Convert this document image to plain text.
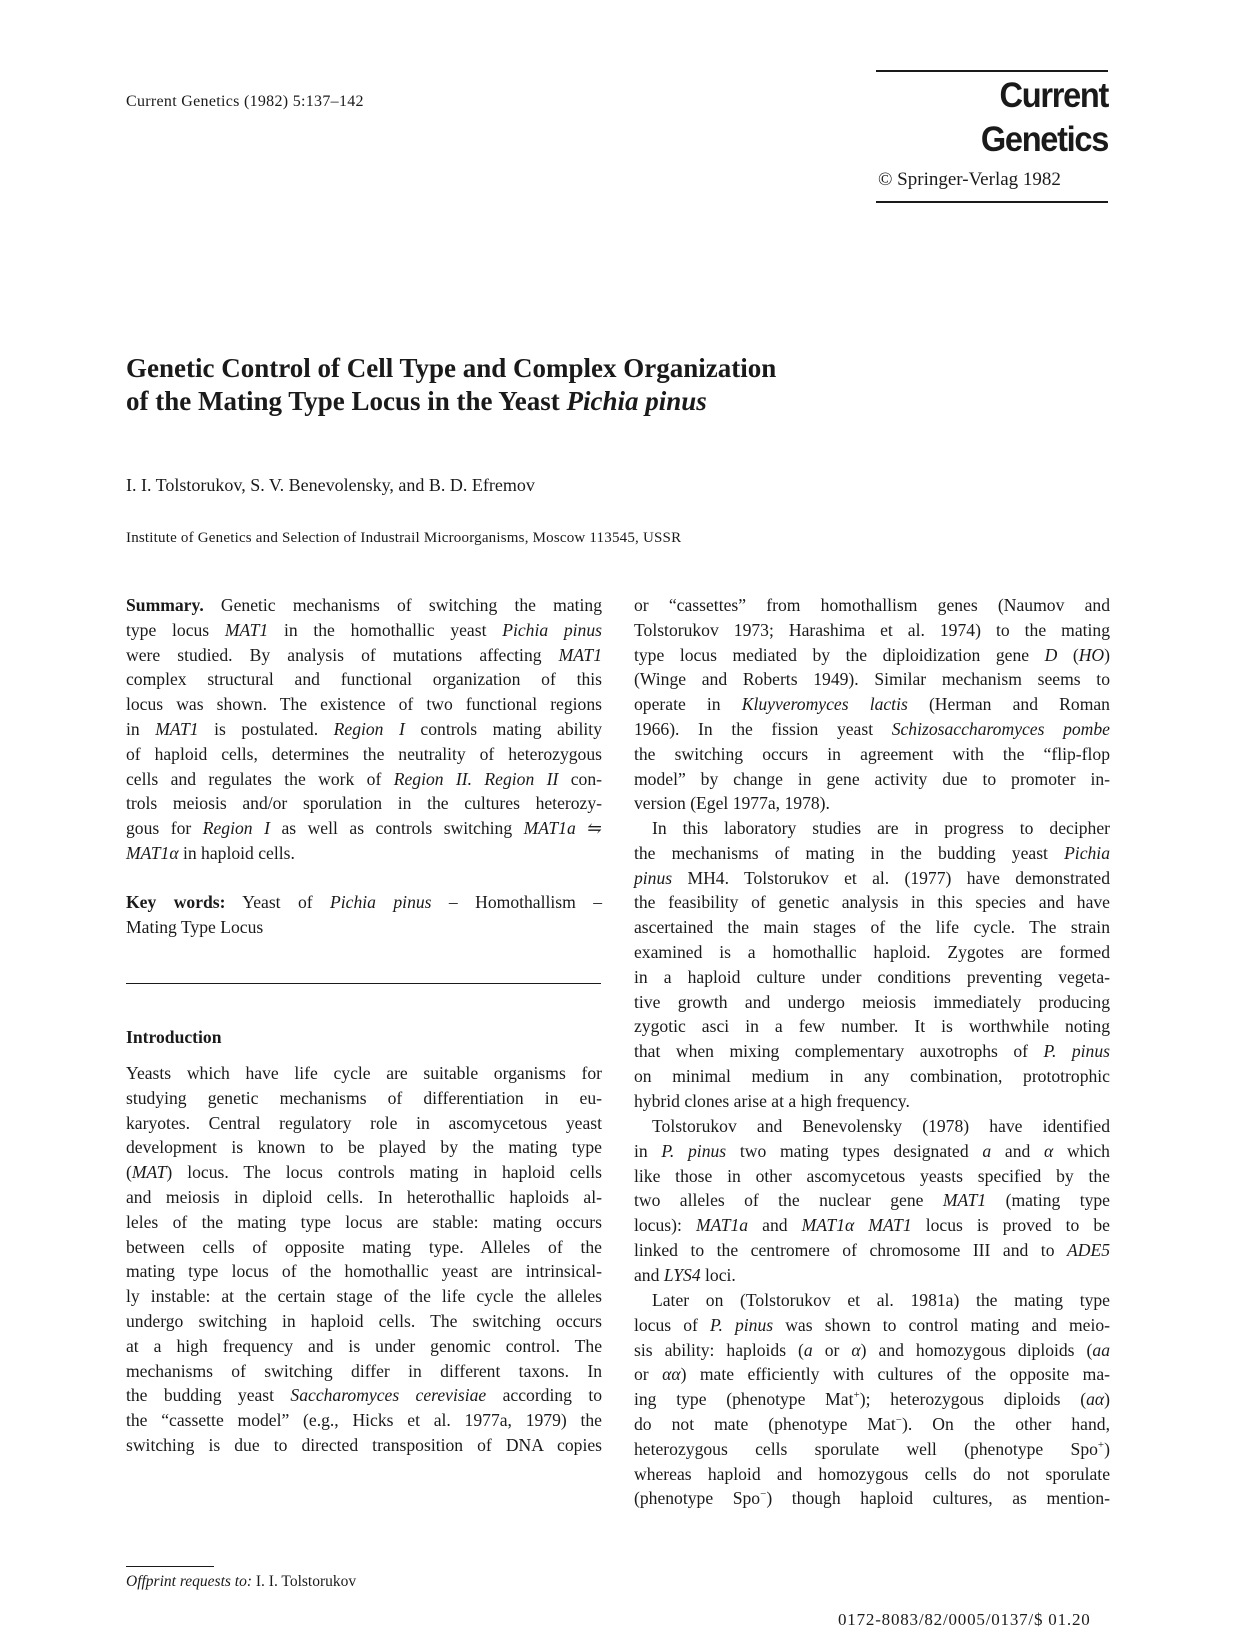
Current Genetics (1982) 5:137–142	Current Genetics
© Springer-Verlag 1982
Genetic Control of Cell Type and Complex Organization
of the Mating Type Locus in the Yeast Pichia pinus
I. I. Tolstorukov, S. V. Benevolensky, and B. D. Efremov
Institute of Genetics and Selection of Industrail Microorganisms, Moscow 113545, USSR
Summary. Genetic mechanisms of switching the mating
type locus MAT1 in the homothallic yeast Pichia pinus
were studied. By analysis of mutations affecting MAT1
complex structural and functional organization of this
locus was shown. The existence of two functional regions
in MAT1 is postulated. Region I controls mating ability
of haploid cells, determines the neutrality of heterozygous
cells and regulates the work of Region II. Region II con-
trols meiosis and/or sporulation in the cultures heterozy-
gous for Region I as well as controls switching MAT1a ⇋
MAT1α in haploid cells.
Key words: Yeast of Pichia pinus – Homothallism –
Mating Type Locus
Introduction
Yeasts which have life cycle are suitable organisms for
studying genetic mechanisms of differentiation in eu-
karyotes. Central regulatory role in ascomycetous yeast
development is known to be played by the mating type
(MAT) locus. The locus controls mating in haploid cells
and meiosis in diploid cells. In heterothallic haploids al-
leles of the mating type locus are stable: mating occurs
between cells of opposite mating type. Alleles of the
mating type locus of the homothallic yeast are intrinsical-
ly instable: at the certain stage of the life cycle the alleles
undergo switching in haploid cells. The switching occurs
at a high frequency and is under genomic control. The
mechanisms of switching differ in different taxons. In
the budding yeast Saccharomyces cerevisiae according to
the “cassette model” (e.g., Hicks et al. 1977a, 1979) the
switching is due to directed transposition of DNA copies
or “cassettes” from homothallism genes (Naumov and
Tolstorukov 1973; Harashima et al. 1974) to the mating
type locus mediated by the diploidization gene D (HO)
(Winge and Roberts 1949). Similar mechanism seems to
operate in Kluyveromyces lactis (Herman and Roman
1966). In the fission yeast Schizosaccharomyces pombe
the switching occurs in agreement with the “flip-flop
model” by change in gene activity due to promoter in-
version (Egel 1977a, 1978).
In this laboratory studies are in progress to decipher
the mechanisms of mating in the budding yeast Pichia
pinus MH4. Tolstorukov et al. (1977) have demonstrated
the feasibility of genetic analysis in this species and have
ascertained the main stages of the life cycle. The strain
examined is a homothallic haploid. Zygotes are formed
in a haploid culture under conditions preventing vegeta-
tive growth and undergo meiosis immediately producing
zygotic asci in a few number. It is worthwhile noting
that when mixing complementary auxotrophs of P. pinus
on minimal medium in any combination, prototrophic
hybrid clones arise at a high frequency.
Tolstorukov and Benevolensky (1978) have identified
in P. pinus two mating types designated a and α which
like those in other ascomycetous yeasts specified by the
two alleles of the nuclear gene MAT1 (mating type
locus): MAT1a and MAT1α MAT1 locus is proved to be
linked to the centromere of chromosome III and to ADE5
and LYS4 loci.
Later on (Tolstorukov et al. 1981a) the mating type
locus of P. pinus was shown to control mating and meio-
sis ability: haploids (a or α) and homozygous diploids (aa
or αα) mate efficiently with cultures of the opposite ma-
ing type (phenotype Mat+); heterozygous diploids (aα)
do not mate (phenotype Mat−). On the other hand,
heterozygous cells sporulate well (phenotype Spo+)
whereas haploid and homozygous cells do not sporulate
(phenotype Spo−) though haploid cultures, as mention-
Offprint requests to: I. I. Tolstorukov
0172-8083/82/0005/0137/$ 01.20
